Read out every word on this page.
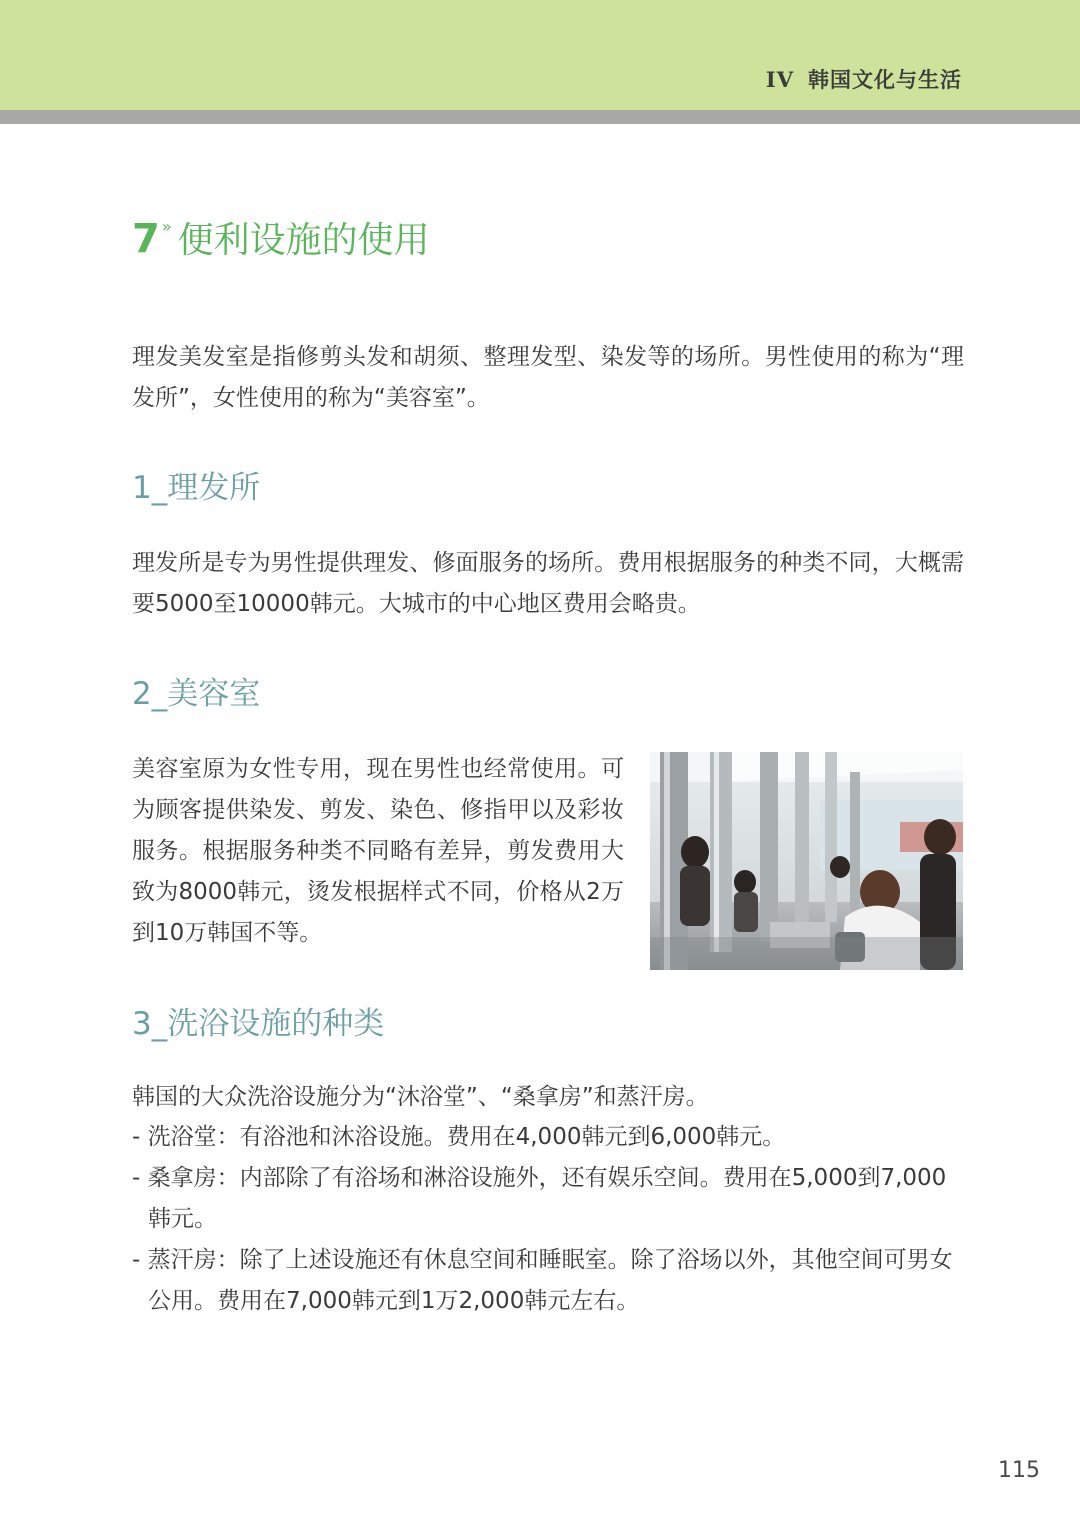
IV 韩国文化与生活
7 » 便利设施的使用

理发美发室是指修剪头发和胡须、整理发型、染发等的场所。男性使用的称为“理发所”，女性使用的称为“美容室”。

1_理发所

理发所是专为男性提供理发、修面服务的场所。费用根据服务的种类不同，大概需要5000至10000韩元。大城市的中心地区费用会略贵。

2_美容室

美容室原为女性专用，现在男性也经常使用。可为顾客提供染发、剪发、染色、修指甲以及彩妆服务。根据服务种类不同略有差异，剪发费用大致为8000韩元，烫发根据样式不同，价格从2万到10万韩国不等。

3_洗浴设施的种类

韩国的大众洗浴设施分为“沐浴堂”、“桑拿房”和蒸汗房。

- 洗浴堂：有浴池和沐浴设施。费用在4,000韩元到6,000韩元。
- 桑拿房：内部除了有浴场和淋浴设施外，还有娱乐空间。费用在5,000到7,000韩元。
- 蒸汗房：除了上述设施还有休息空间和睡眠室。除了浴场以外，其他空间可男女公用。费用在7,000韩元到1万2,000韩元左右。
115
